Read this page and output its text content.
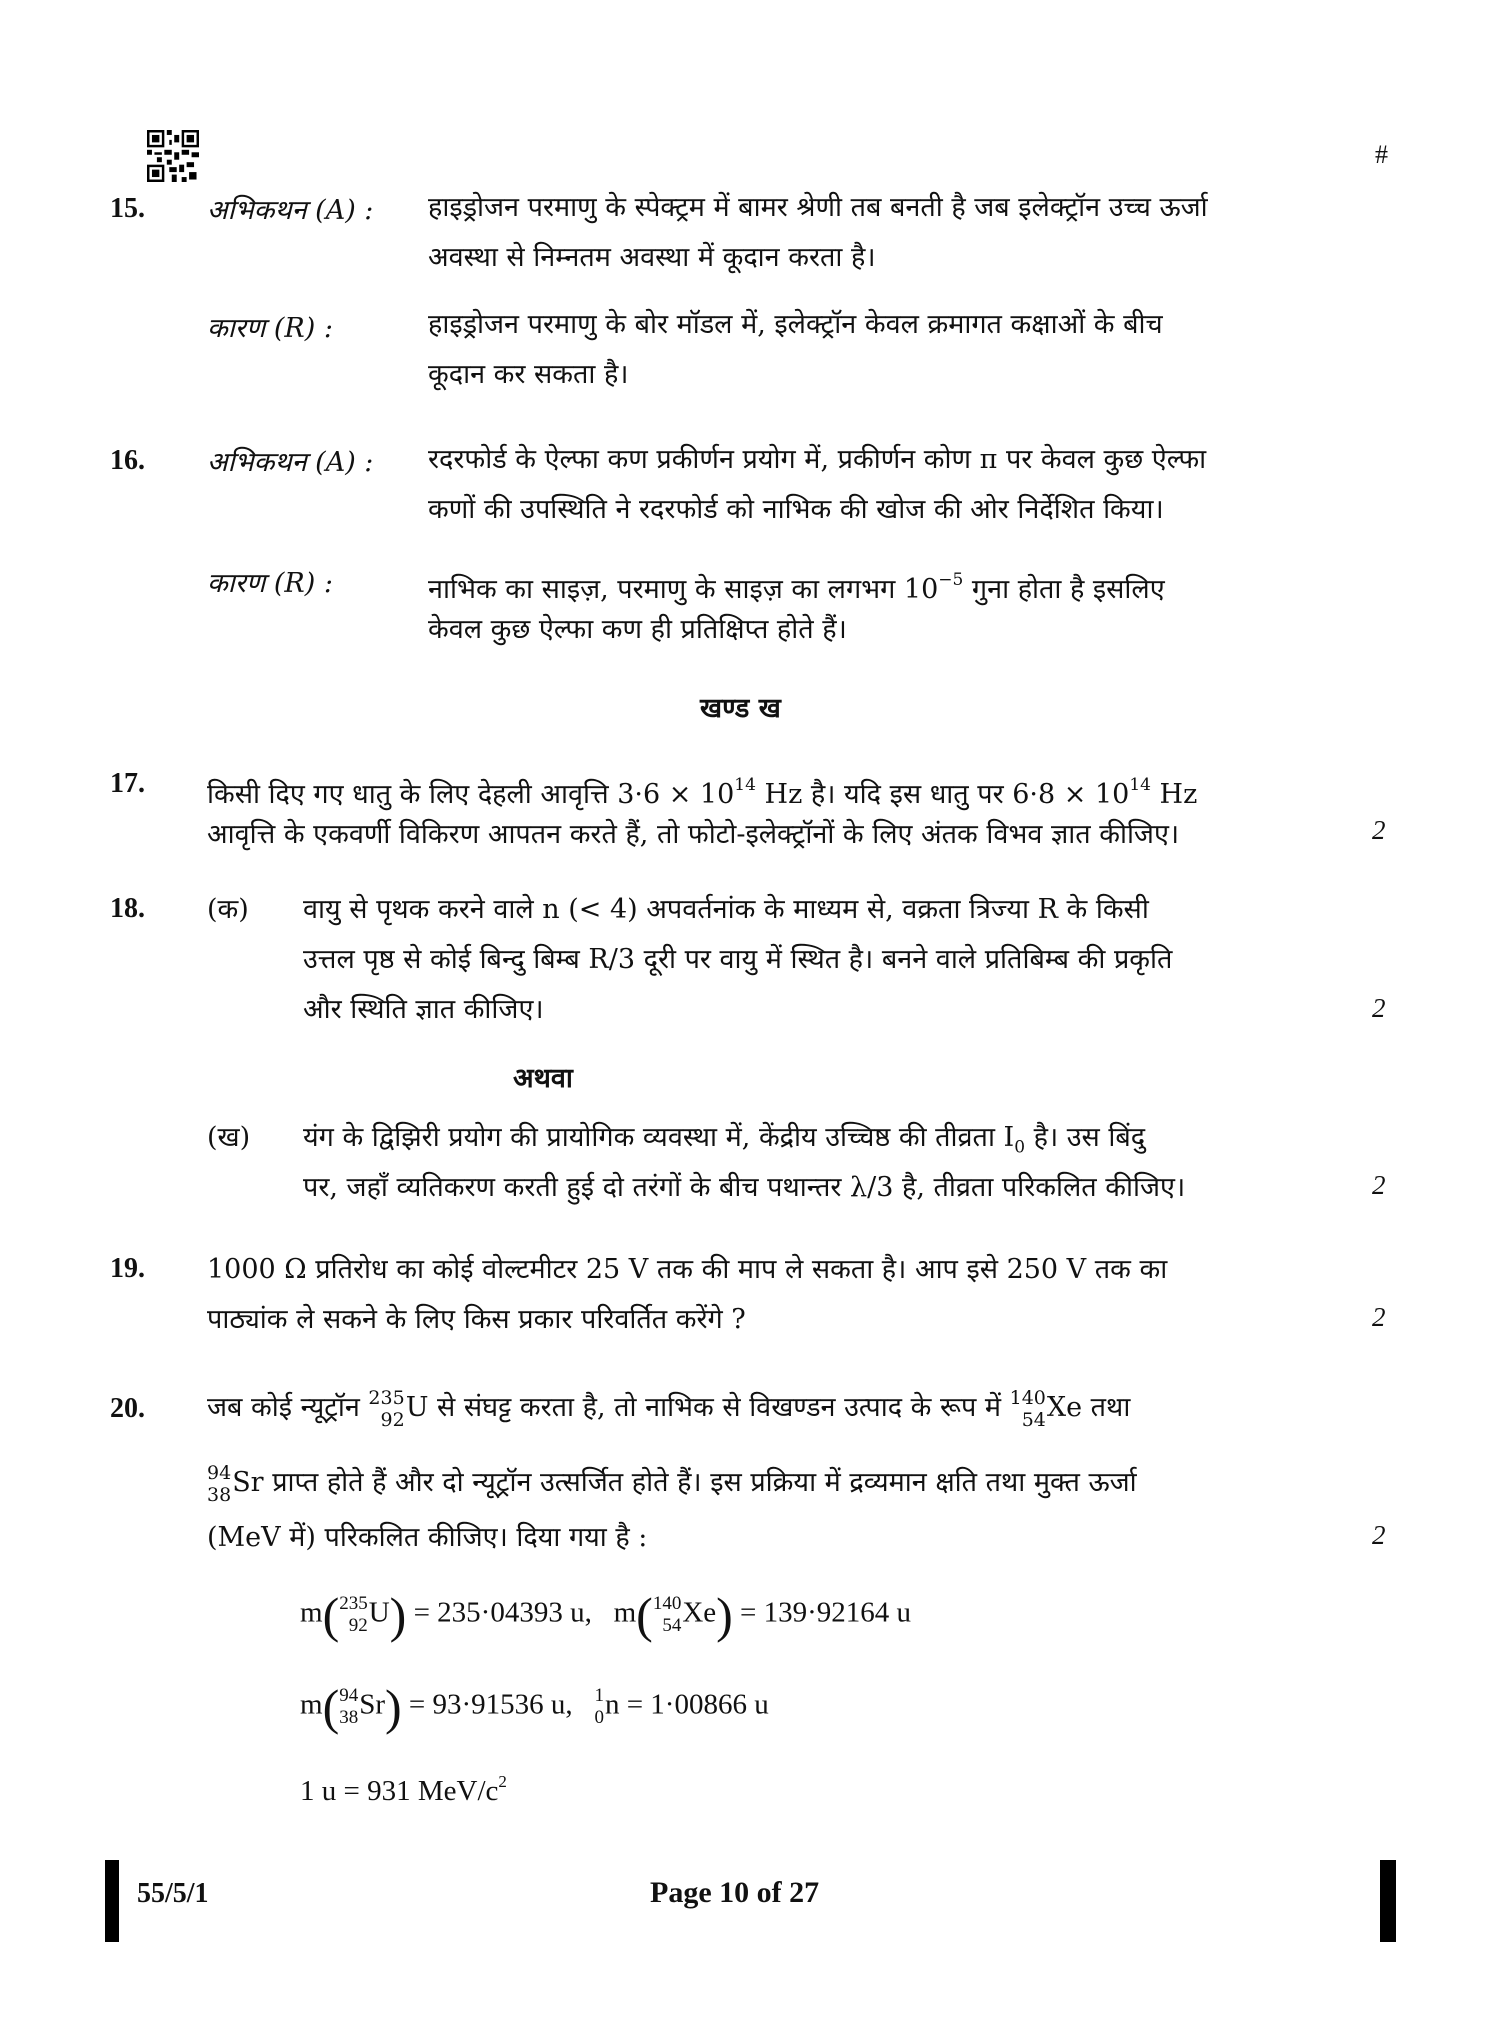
#
15. अभिकथन (A) : हाइड्रोजन परमाणु के स्पेक्ट्रम में बामर श्रेणी तब बनती है जब इलेक्ट्रॉन उच्च ऊर्जा
अवस्था से निम्नतम अवस्था में कूदान करता है।
कारण (R) :	हाइड्रोजन परमाणु के बोर मॉडल में, इलेक्ट्रॉन केवल क्रमागत कक्षाओं के बीच
कूदान कर सकता है।
16. अभिकथन (A) : रदरफोर्ड के ऐल्फा कण प्रकीर्णन प्रयोग में, प्रकीर्णन कोण π पर केवल कुछ ऐल्फा
कणों की उपस्थिति ने रदरफोर्ड को नाभिक की खोज की ओर निर्देशित किया।
कारण (R) :	नाभिक का साइज़, परमाणु के साइज़ का लगभग $10^{-5}$ गुना होता है इसलिए
केवल कुछ ऐल्फा कण ही प्रतिक्षिप्त होते हैं।
खण्ड ख
17. किसी दिए गए धातु के लिए देहली आवृत्ति $3\cdot 6 \times 10^{14}$ Hz है। यदि इस धातु पर $6\cdot 8 \times 10^{14}$ Hz
आवृत्ति के एकवर्णी विकिरण आपतन करते हैं, तो फोटो-इलेक्ट्रॉनों के लिए अंतक विभव ज्ञात कीजिए।	2
18. (क) वायु से पृथक करने वाले n (< 4) अपवर्तनांक के माध्यम से, वक्रता त्रिज्या R के किसी
उत्तल पृष्ठ से कोई बिन्दु बिम्ब R/3 दूरी पर वायु में स्थित है। बनने वाले प्रतिबिम्ब की प्रकृति
और स्थिति ज्ञात कीजिए।	2
अथवा
(ख) यंग के द्विझिरी प्रयोग की प्रायोगिक व्यवस्था में, केंद्रीय उच्चिष्ठ की तीव्रता $I_0$ है। उस बिंदु
पर, जहाँ व्यतिकरण करती हुई दो तरंगों के बीच पथान्तर λ/3 है, तीव्रता परिकलित कीजिए।	2
19. 1000 Ω प्रतिरोध का कोई वोल्टमीटर 25 V तक की माप ले सकता है। आप इसे 250 V तक का
पाठ्यांक ले सकने के लिए किस प्रकार परिवर्तित करेंगे ?	2
20. जब कोई न्यूट्रॉन 235
92 U से संघट्ट करता है, तो नाभिक से विखण्डन उत्पाद के रूप में 140
54 Xe तथा
94
38 Sr प्राप्त होते हैं और दो न्यूट्रॉन उत्सर्जित होते हैं। इस प्रक्रिया में द्रव्यमान क्षति तथा मुक्त ऊर्जा
(MeV में) परिकलित कीजिए। दिया गया है :	2
m( 235
92 U) = 235·04393 u, m( 140
54 Xe) = 139·92164 u
m( 94
38 Sr) = 93·91536 u, 1
0 n = 1·00866 u
1 u = 931 MeV/$c^2$
55/5/1	Page 10 of 27
